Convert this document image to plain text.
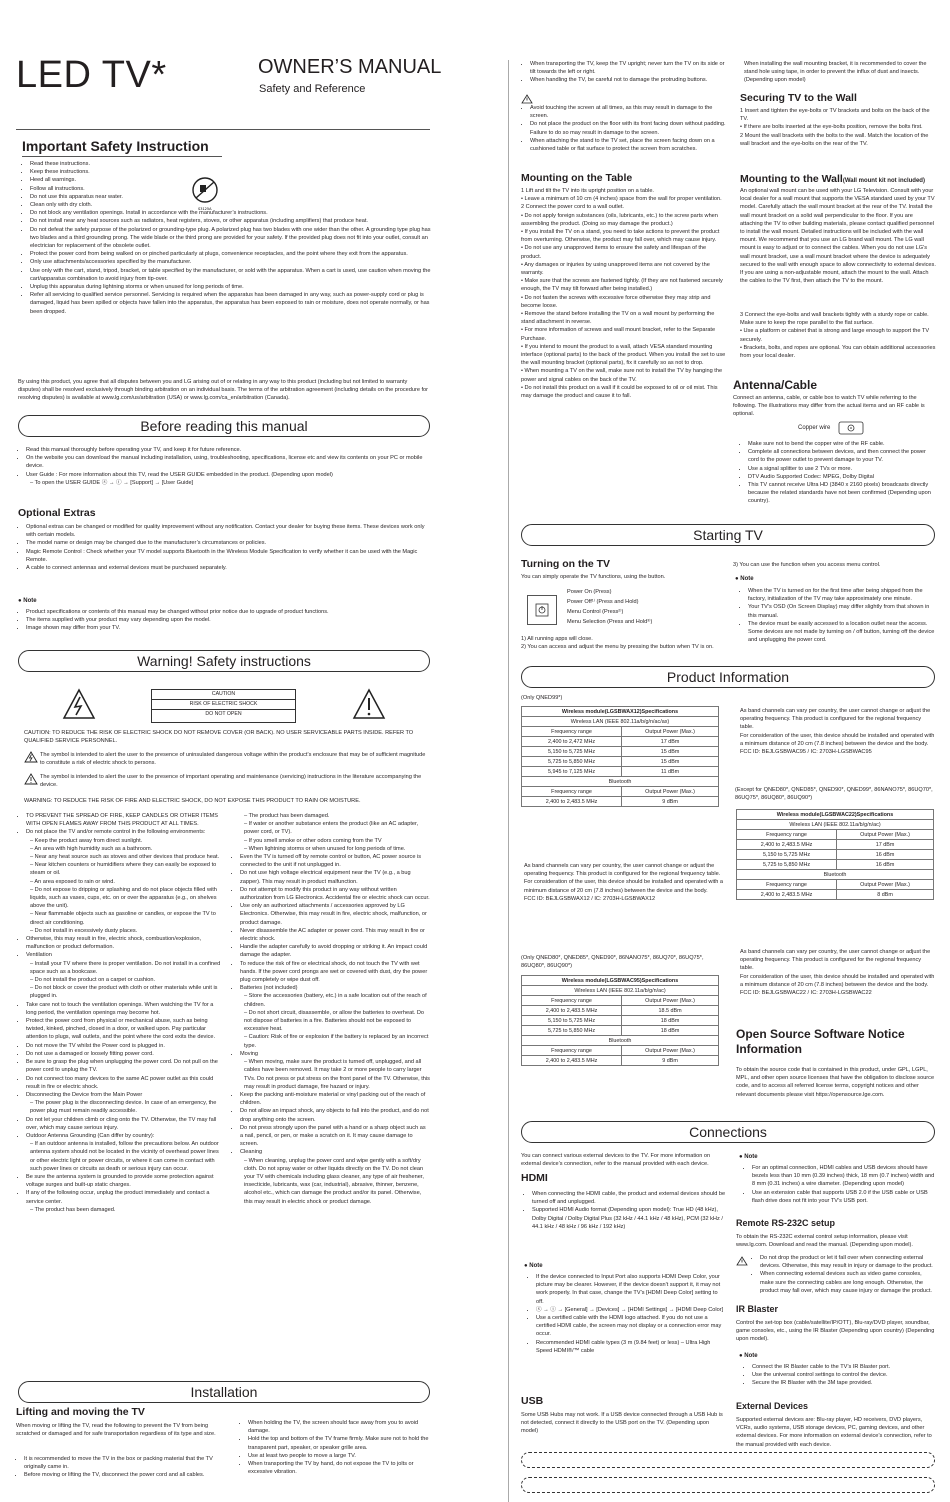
LED TV*	OWNER’S MANUAL
Safety and Reference
Important Safety Instruction
S3125A
• Read these instructions.
• Keep these instructions.
• Heed all warnings.
• Follow all instructions.
• Do not use this apparatus near water.
• Clean only with dry cloth.
• Do not block any ventilation openings. Install in accordance with the manufacturer’s instructions.
• Do not install near any heat sources such as radiators, heat registers, stoves, or other apparatus (including amplifiers) that produce heat.
• Do not defeat the safety purpose of the polarized or grounding-type plug. A polarized plug has two blades with one wider than the other. A grounding type plug has two blades and a third grounding prong. The wide blade or the third prong are provided for your safety. If the provided plug does not fit into your outlet, consult an electrician for replacement of the obsolete outlet.
• Protect the power cord from being walked on or pinched particularly at plugs, convenience receptacles, and the point where they exit from the apparatus.
• Only use attachments/accessories specified by the manufacturer.
• Use only with the cart, stand, tripod, bracket, or table specified by the manufacturer, or sold with the apparatus. When a cart is used, use caution when moving the cart/apparatus combination to avoid injury from tip-over.
• Unplug this apparatus during lightning storms or when unused for long periods of time.
• Refer all servicing to qualified service personnel. Servicing is required when the apparatus has been damaged in any way, such as power-supply cord or plug is damaged, liquid has been spilled or objects have fallen into the apparatus, the apparatus has been exposed to rain or moisture, does not operate normally, or has been dropped.
By using this product, you agree that all disputes between you and LG arising out of or relating in any way to this product (including but not limited to warranty disputes) shall be resolved exclusively through binding arbitration on an individual basis. The terms of the arbitration agreement (including details on the procedure for resolving disputes) is available at www.lg.com/us/arbitration (USA) or www.lg.com/ca_en/arbitration (Canada).
Before reading this manual
• Read this manual thoroughly before operating your TV, and keep it for future reference.
• On the website you can download the manual including installation, using, troubleshooting, specifications, license etc and view its contents on your PC or mobile device.
• User Guide : For more information about this TV, read the USER GUIDE embedded in the product. (Depending upon model)
– To open the USER GUIDE ⓢ → ⓘ → [Support] → [User Guide]
Optional Extras
• Optional extras can be changed or modified for quality improvement without any notification. Contact your dealer for buying these items. These devices work only with certain models.
• The model name or design may be changed due to the manufacturer’s circumstances or policies.
• Magic Remote Control : Check whether your TV model supports Bluetooth in the Wireless Module Specification to verify whether it can be used with the Magic Remote.
• A cable to connect antennas and external devices must be purchased separately.
● Note
• Product specifications or contents of this manual may be changed without prior notice due to upgrade of product functions.
• The items supplied with your product may vary depending upon the model.
• Image shown may differ from your TV.
Warning! Safety instructions
CAUTION
RISK OF ELECTRIC SHOCK
DO NOT OPEN
CAUTION: TO REDUCE THE RISK OF ELECTRIC SHOCK DO NOT REMOVE COVER (OR BACK). NO USER SERVICEABLE PARTS INSIDE. REFER TO QUALIFIED SERVICE PERSONNEL.
The symbol is intended to alert the user to the presence of uninsulated dangerous voltage within the product’s enclosure that may be of sufficient magnitude to constitute a risk of electric shock to persons.
The symbol is intended to alert the user to the presence of important operating and maintenance (servicing) instructions in the literature accompanying the device.
WARNING: TO REDUCE THE RISK OF FIRE AND ELECTRIC SHOCK, DO NOT EXPOSE THIS PRODUCT TO RAIN OR MOISTURE.
• TO PREVENT THE SPREAD OF FIRE, KEEP CANDLES OR OTHER ITEMS WITH OPEN FLAMES AWAY FROM THIS PRODUCT AT ALL TIMES.
• Do not place the TV and/or remote control in the following environments:
– Keep the product away from direct sunlight.
– An area with high humidity such as a bathroom.
– Near any heat source such as stoves and other devices that produce heat.
– Near kitchen counters or humidifiers where they can easily be exposed to steam or oil.
– An area exposed to rain or wind.
– Do not expose to dripping or splashing and do not place objects filled with liquids, such as vases, cups, etc. on or over the apparatus (e.g., on shelves above the unit).
– Near flammable objects such as gasoline or candles, or expose the TV to direct air conditioning.
– Do not install in excessively dusty places.
• Otherwise, this may result in fire, electric shock, combustion/explosion, malfunction or product deformation.
• Ventilation
– Install your TV where there is proper ventilation. Do not install in a confined space such as a bookcase.
– Do not install the product on a carpet or cushion.
– Do not block or cover the product with cloth or other materials while unit is plugged in.
• Take care not to touch the ventilation openings. When watching the TV for a long period, the ventilation openings may become hot.
• Protect the power cord from physical or mechanical abuse, such as being twisted, kinked, pinched, closed in a door, or walked upon. Pay particular attention to plugs, wall outlets, and the point where the cord exits the device.
• Do not move the TV whilst the Power cord is plugged in.
• Do not use a damaged or loosely fitting power cord.
• Be sure to grasp the plug when unplugging the power cord. Do not pull on the power cord to unplug the TV.
• Do not connect too many devices to the same AC power outlet as this could result in fire or electric shock.
• Disconnecting the Device from the Main Power
– The power plug is the disconnecting device. In case of an emergency, the power plug must remain readily accessible.
• Do not let your children climb or cling onto the TV. Otherwise, the TV may fall over, which may cause serious injury.
• Outdoor Antenna Grounding (Can differ by country):
– If an outdoor antenna is installed, follow the precautions below. An outdoor antenna system should not be located in the vicinity of overhead power lines or other electric light or power circuits, or where it can come in contact with such power lines or circuits as death or serious injury can occur.
• Be sure the antenna system is grounded to provide some protection against voltage surges and built-up static charges.
• If any of the following occur, unplug the product immediately and contact a service center.
– The product has been damaged.
– The product has been damaged.
– If water or another substance enters the product (like an AC adapter, power cord, or TV).
– If you smell smoke or other odors coming from the TV
– When lightning storms or when unused for long periods of time.
• Even the TV is turned off by remote control or button, AC power source is connected to the unit if not unplugged in.
• Do not use high voltage electrical equipment near the TV (e.g., a bug zapper). This may result in product malfunction.
• Do not attempt to modify this product in any way without written authorization from LG Electronics. Accidental fire or electric shock can occur.
• Use only an authorized attachments / accessories approved by LG Electronics. Otherwise, this may result in fire, electric shock, malfunction, or product damage.
• Never disassemble the AC adapter or power cord. This may result in fire or electric shock.
• Handle the adapter carefully to avoid dropping or striking it. An impact could damage the adapter.
• To reduce the risk of fire or electrical shock, do not touch the TV with wet hands. If the power cord prongs are wet or covered with dust, dry the power plug completely or wipe dust off.
• Batteries (not included)
– Store the accessories (battery, etc.) in a safe location out of the reach of children.
– Do not short circuit, disassemble, or allow the batteries to overheat. Do not dispose of batteries in a fire. Batteries should not be exposed to excessive heat.
– Caution: Risk of fire or explosion if the battery is replaced by an incorrect type.
• Moving
– When moving, make sure the product is turned off, unplugged, and all cables have been removed. It may take 2 or more people to carry larger TVs. Do not press or put stress on the front panel of the TV. Otherwise, this may result in product damage, fire hazard or injury.
• Keep the packing anti-moisture material or vinyl packing out of the reach of children.
• Do not allow an impact shock, any objects to fall into the product, and do not drop anything onto the screen.
• Do not press strongly upon the panel with a hand or a sharp object such as a nail, pencil, or pen, or make a scratch on it. It may cause damage to screen.
• Cleaning
– When cleaning, unplug the power cord and wipe gently with a soft/dry cloth. Do not spray water or other liquids directly on the TV. Do not clean your TV with chemicals including glass cleaner, any type of air freshener, insecticide, lubricants, wax (car, industrial), abrasive, thinner, benzene, alcohol etc., which can damage the product and/or its panel. Otherwise, this may result in electric shock or product damage.
Installation
Lifting and moving the TV
When moving or lifting the TV, read the following to prevent the TV from being scratched or damaged and for safe transportation regardless of its type and size.
• It is recommended to move the TV in the box or packing material that the TV originally came in.
• Before moving or lifting the TV, disconnect the power cord and all cables.
• When holding the TV, the screen should face away from you to avoid damage.
• Hold the top and bottom of the TV frame firmly. Make sure not to hold the transparent part, speaker, or speaker grille area.
• Use at least two people to move a large TV.
• When transporting the TV by hand, do not expose the TV to jolts or excessive vibration.
• When transporting the TV, keep the TV upright; never turn the TV on its side or tilt towards the left or right.
• When handling the TV, be careful not to damage the protruding buttons.
• Avoid touching the screen at all times, as this may result in damage to the screen.
• Do not place the product on the floor with its front facing down without padding. Failure to do so may result in damage to the screen.
• When attaching the stand to the TV set, place the screen facing down on a cushioned table or flat surface to protect the screen from scratches.
Mounting on the Table
1 Lift and tilt the TV into its upright position on a table.
• Leave a minimum of 10 cm (4 inches) space from the wall for proper ventilation.
2 Connect the power cord to a wall outlet.
• Do not apply foreign substances (oils, lubricants, etc.) to the screw parts when assembling the product. (Doing so may damage the product.)
• If you install the TV on a stand, you need to take actions to prevent the product from overturning. Otherwise, the product may fall over, which may cause injury.
• Do not use any unapproved items to ensure the safety and lifespan of the product.
• Any damages or injuries by using unapproved items are not covered by the warranty.
• Make sure that the screws are fastened tightly. (If they are not fastened securely enough, the TV may tilt forward after being installed.)
• Do not fasten the screws with excessive force otherwise they may strip and become loose.
• Remove the stand before installing the TV on a wall mount by performing the stand attachment in reverse.
• For more information of screws and wall mount bracket, refer to the Separate Purchase.
• If you intend to mount the product to a wall, attach VESA standard mounting interface (optional parts) to the back of the product. When you install the set to use the wall mounting bracket (optional parts), fix it carefully so as not to drop.
• When mounting a TV on the wall, make sure not to install the TV by hanging the power and signal cables on the back of the TV.
• Do not install this product on a wall if it could be exposed to oil or oil mist. This may damage the product and cause it to fall.
When installing the wall mounting bracket, it is recommended to cover the stand hole using tape, in order to prevent the influx of dust and insects. (Depending upon model)
Securing TV to the Wall
1 Insert and tighten the eye-bolts or TV brackets and bolts on the back of the TV.
• If there are bolts inserted at the eye-bolts position, remove the bolts first.
2 Mount the wall brackets with the bolts to the wall. Match the location of the wall bracket and the eye-bolts on the rear of the TV.
Mounting to the Wall(Wall mount kit not included)
An optional wall mount can be used with your LG Television. Consult with your local dealer for a wall mount that supports the VESA standard used by your TV model. Carefully attach the wall mount bracket at the rear of the TV. Install the wall mount bracket on a solid wall perpendicular to the floor. If you are attaching the TV to other building materials, please contact qualified personnel to install the wall mount. Detailed instructions will be included with the wall mount. We recommend that you use an LG brand wall mount. The LG wall mount is easy to adjust or to connect the cables. When you do not use LG's wall mount bracket, use a wall mount bracket where the device is adequately secured to the wall with enough space to allow connectivity to external devices. If you are using a non-adjustable mount, attach the mount to the wall. Attach the cables to the TV first, then attach the TV to the mount.
3 Connect the eye-bolts and wall brackets tightly with a sturdy rope or cable. Make sure to keep the rope parallel to the flat surface.
• Use a platform or cabinet that is strong and large enough to support the TV securely.
• Brackets, bolts, and ropes are optional. You can obtain additional accessories from your local dealer.
Antenna/Cable
Connect an antenna, cable, or cable box to watch TV while referring to the following. The illustrations may differ from the actual items and an RF cable is optional.
Copper wire
• Make sure not to bend the copper wire of the RF cable.
• Complete all connections between devices, and then connect the power cord to the power outlet to prevent damage to your TV.
• Use a signal splitter to use 2 TVs or more.
• DTV Audio Supported Codec: MPEG, Dolby Digital
• This TV cannot receive Ultra HD (3840 x 2160 pixels) broadcasts directly because the related standards have not been confirmed (Depending upon country).
Starting TV
Turning on the TV
You can simply operate the TV functions, using the button.
Power On (Press)
Power Off¹⁾ (Press and Hold)
Menu Control (Press²⁾)
Menu Selection (Press and Hold³⁾)
1) All running apps will close.
2) You can access and adjust the menu by pressing the button when TV is on.
3) You can use the function when you access menu control.
● Note
• When the TV is turned on for the first time after being shipped from the factory, initialization of the TV may take approximately one minute.
• Your TV’s OSD (On Screen Display) may differ slightly from that shown in this manual.
• The device must be easily accessed to a location outlet near the access. Some devices are not made by turning on / off button, turning off the device and unplugging the power cord.
Product Information
(Only QNED99*)
Wireless module(LGSBWAX12)Specifications	
Wireless LAN (IEEE 802.11a/b/g/n/ac/ax)	
Frequency range	Output Power (Max.)
2,400 to 2,472 MHz	17 dBm
5,150 to 5,725 MHz	15 dBm
5,725 to 5,850 MHz	15 dBm
5,945 to 7,125 MHz	11 dBm
Bluetooth	
Frequency range	Output Power (Max.)
2,400 to 2,483.5 MHz	9 dBm
As band channels can vary per country, the user cannot change or adjust the operating frequency. This product is configured for the regional frequency table.
For consideration of the user, this device should be installed and operated with a minimum distance of 20 cm (7.8 inches) between the device and the body.
FCC ID: BEJLGSBWAX12 / IC: 2703H-LGSBWAX12
(Only QNED80*, QNED85*, QNED90*, 86NANO75*, 86UQ70*, 86UQ75*, 86UQ80*, 86UQ90*)
Wireless module(LGSBWAC95)Specifications	
Wireless LAN (IEEE 802.11a/b/g/n/ac)	
Frequency range	Output Power (Max.)
2,400 to 2,483.5 MHz	18.5 dBm
5,150 to 5,725 MHz	18 dBm
5,725 to 5,850 MHz	18 dBm
Bluetooth	
Frequency range	Output Power (Max.)
2,400 to 2,483.5 MHz	9 dBm
As band channels can vary per country, the user cannot change or adjust the operating frequency. This product is configured for the regional frequency table.
For consideration of the user, this device should be installed and operated with a minimum distance of 20 cm (7.8 inches) between the device and the body.
FCC ID: BEJLGSBWAC95 / IC: 2703H-LGSBWAC95
(Except for QNED80*, QNED85*, QNED90*, QNED99*, 86NANO75*, 86UQ70*, 86UQ75*, 86UQ80*, 86UQ90*)
Wireless module(LGSBWAC22)Specifications	
Wireless LAN (IEEE 802.11a/b/g/n/ac)	
Frequency range	Output Power (Max.)
2,400 to 2,483.5 MHz	17 dBm
5,150 to 5,725 MHz	16 dBm
5,725 to 5,850 MHz	16 dBm
Bluetooth	
Frequency range	Output Power (Max.)
2,400 to 2,483.5 MHz	8 dBm
As band channels can vary per country, the user cannot change or adjust the operating frequency. This product is configured for the regional frequency table.
For consideration of the user, this device should be installed and operated with a minimum distance of 20 cm (7.8 inches) between the device and the body.
FCC ID: BEJLGSBWAC22 / IC: 2703H-LGSBWAC22
Open Source Software Notice Information
To obtain the source code that is contained in this product, under GPL, LGPL, MPL, and other open source licenses that have the obligation to disclose source code, and to access all referred license terms, copyright notices and other relevant documents please visit https://opensource.lge.com.
Connections
You can connect various external devices to the TV. For more information on external device’s connection, refer to the manual provided with each device.
HDMI
• When connecting the HDMI cable, the product and external devices should be turned off and unplugged.
• Supported HDMI Audio format (Depending upon model): True HD (48 kHz), Dolby Digital / Dolby Digital Plus (32 kHz / 44.1 kHz / 48 kHz), PCM (32 kHz / 44.1 kHz / 48 kHz / 96 kHz / 192 kHz)
● Note
• If the device connected to Input Port also supports HDMI Deep Color, your picture may be clearer. However, if the device doesn't support it, it may not work properly. In that case, change the TV’s [HDMI Deep Color] setting to off.
• ⓢ → ⓘ → [General] → [Devices] → [HDMI Settings] → [HDMI Deep Color]
• Use a certified cable with the HDMI logo attached. If you do not use a certified HDMI cable, the screen may not display or a connection error may occur.
• Recommended HDMI cable types (3 m (9.84 feet) or less) – Ultra High Speed HDMI®/™ cable
USB
Some USB Hubs may not work. If a USB device connected through a USB Hub is not detected, connect it directly to the USB port on the TV. (Depending upon model)
● Note
• For an optimal connection, HDMI cables and USB devices should have bezels less than 10 mm (0.39 inches) thick, 18 mm (0.7 inches) width and 8 mm (0.31 inches) a wire diameter. (Depending upon model)
• Use an extension cable that supports USB 2.0 if the USB cable or USB flash drive does not fit into your TV’s USB port.
Remote RS-232C setup
To obtain the RS-232C external control setup information, please visit www.lg.com. Download and read the manual. (Depending upon model).
• Do not drop the product or let it fall over when connecting external devices. Otherwise, this may result in injury or damage to the product.
• When connecting external devices such as video game consoles, make sure the connecting cables are long enough. Otherwise, the product may fall over, which may cause injury or damage the product.
IR Blaster
Control the set-top box (cable/satellite/IP/OTT), Blu-ray/DVD player, soundbar, game consoles, etc., using the IR Blaster (Depending upon country) (Depending upon model).
● Note
• Connect the IR Blaster cable to the TV’s IR Blaster port.
• Use the universal control settings to control the device.
• Secure the IR Blaster with the 3M tape provided.
External Devices
Supported external devices are: Blu-ray player, HD receivers, DVD players, VCRs, audio systems, USB storage devices, PC, gaming devices, and other external devices. For more information on external device’s connection, refer to the manual provided with each device.
